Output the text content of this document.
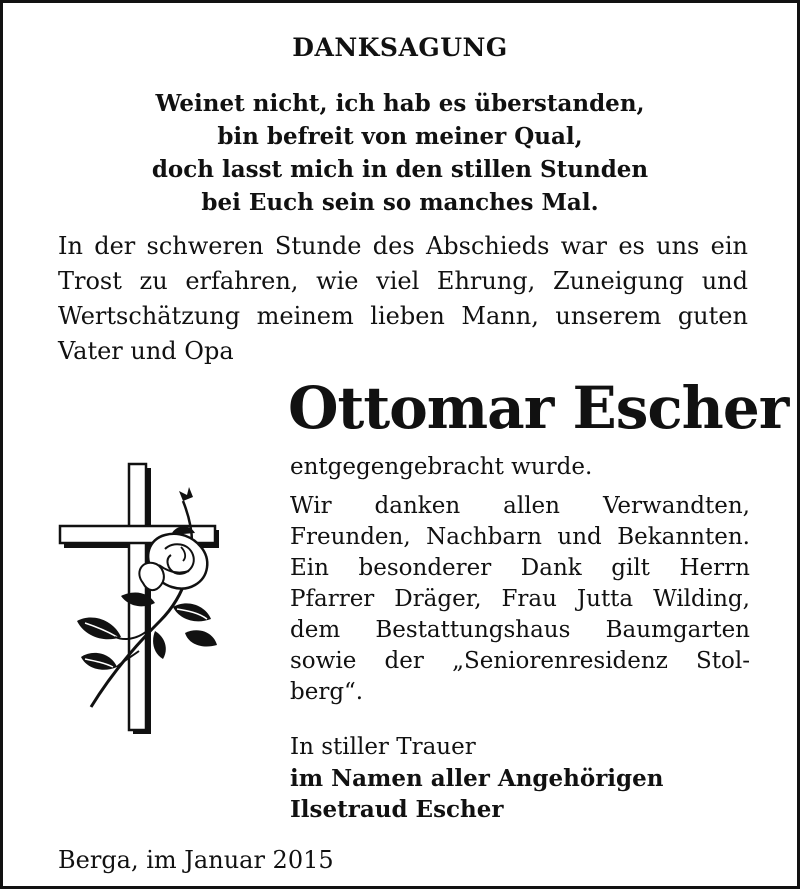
DANKSAGUNG
Weinet nicht, ich hab es überstanden,
bin befreit von meiner Qual,
doch lasst mich in den stillen Stunden
bei Euch sein so manches Mal.
In der schweren Stunde des Abschieds war es uns ein
Trost zu erfahren, wie viel Ehrung, Zuneigung und
Wertschätzung meinem lieben Mann, unserem guten
Vater und Opa
Ottomar Escher
entgegengebracht wurde.
Wir danken allen Verwandten,
Freunden, Nachbarn und Bekannten.
Ein besonderer Dank gilt Herrn
Pfarrer Dräger, Frau Jutta Wilding,
dem Bestattungshaus Baumgarten
sowie der „Seniorenresidenz Stol-
berg“.
In stiller Trauer
im Namen aller Angehörigen
Ilsetraud Escher
Berga, im Januar 2015
